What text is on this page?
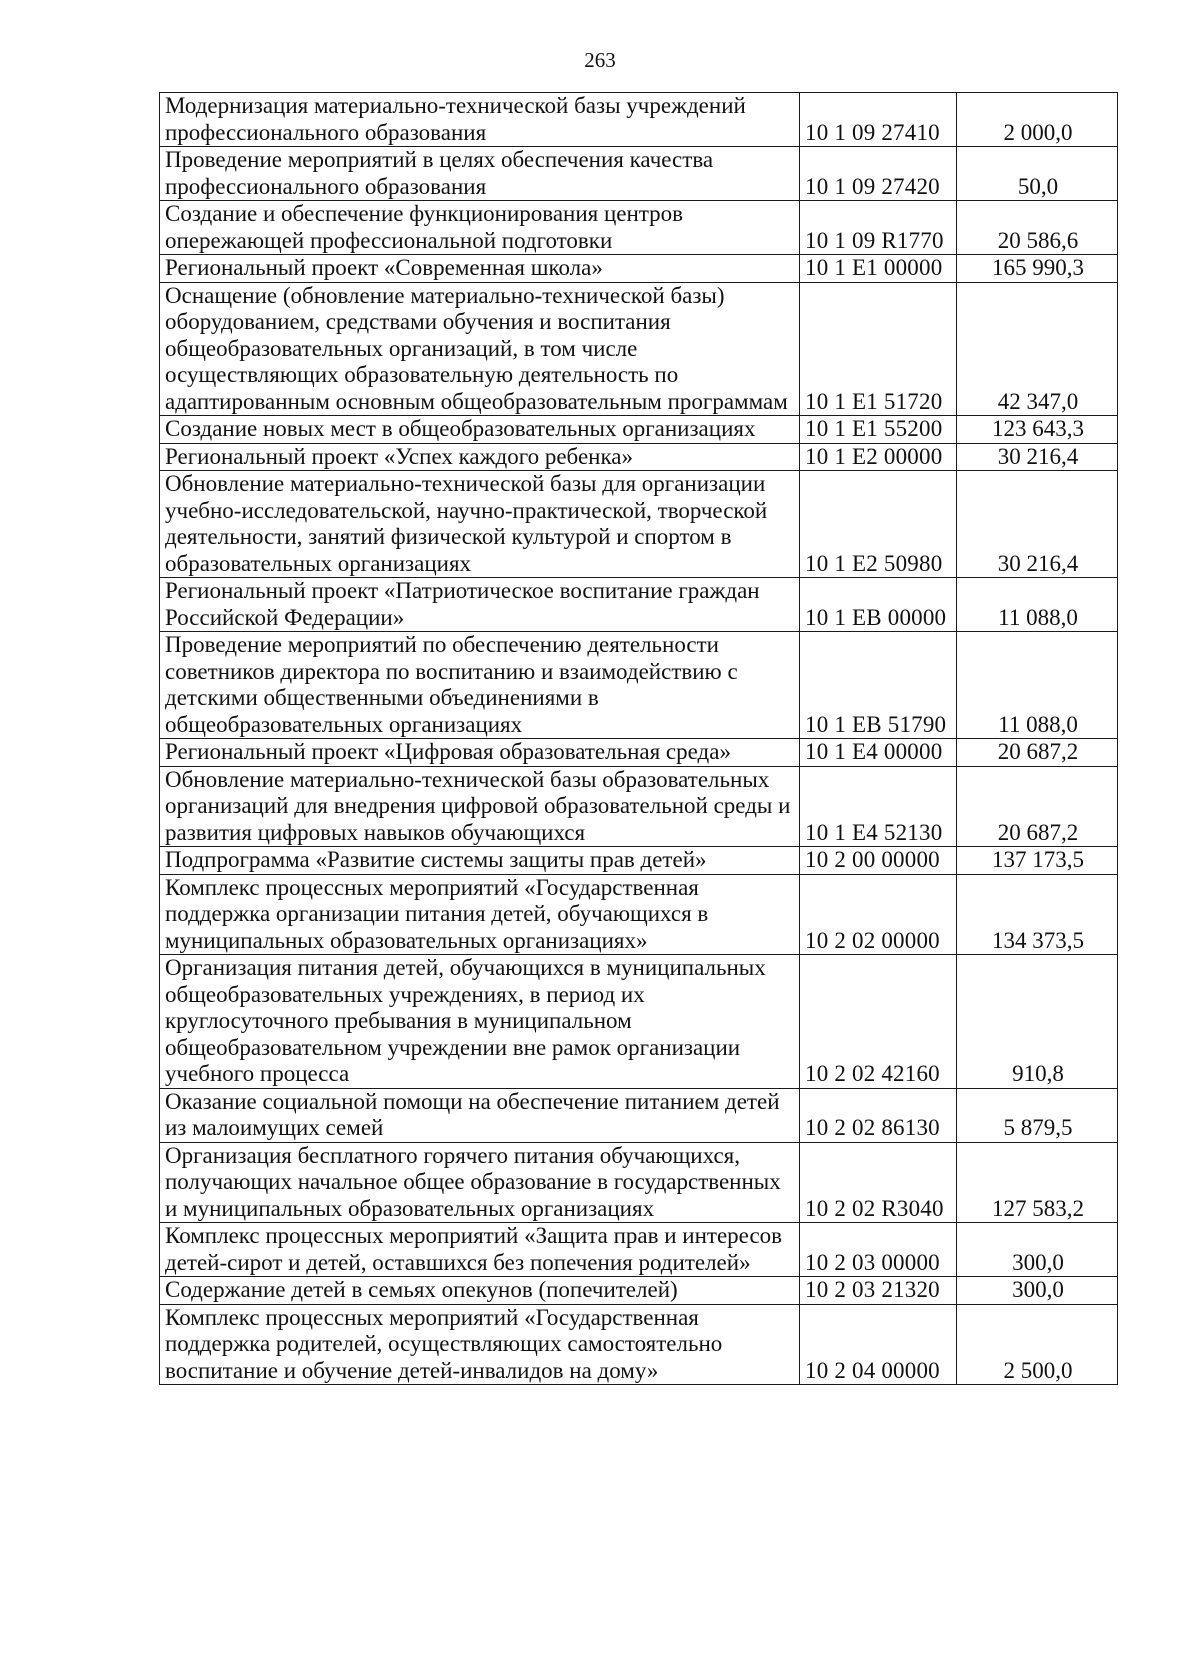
263
Модернизация материально-технической базы учреждений профессионального образования	10 1 09 27410	2 000,0
Проведение мероприятий в целях обеспечения качества профессионального образования	10 1 09 27420	50,0
Создание и обеспечение функционирования центров опережающей профессиональной подготовки	10 1 09 R1770	20 586,6
Региональный проект «Современная школа»	10 1 E1 00000	165 990,3
Оснащение (обновление материально-технической базы) оборудованием, средствами обучения и воспитания общеобразовательных организаций, в том числе осуществляющих образовательную деятельность по адаптированным основным общеобразовательным программам	10 1 E1 51720	42 347,0
Создание новых мест в общеобразовательных организациях	10 1 E1 55200	123 643,3
Региональный проект «Успех каждого ребенка»	10 1 E2 00000	30 216,4
Обновление материально-технической базы для организации учебно-исследовательской, научно-практической, творческой деятельности, занятий физической культурой и спортом в образовательных организациях	10 1 E2 50980	30 216,4
Региональный проект «Патриотическое воспитание граждан Российской Федерации»	10 1 EB 00000	11 088,0
Проведение мероприятий по обеспечению деятельности советников директора по воспитанию и взаимодействию с детскими общественными объединениями в общеобразовательных организациях	10 1 EB 51790	11 088,0
Региональный проект «Цифровая образовательная среда»	10 1 E4 00000	20 687,2
Обновление материально-технической базы образовательных организаций для внедрения цифровой образовательной среды и развития цифровых навыков обучающихся	10 1 E4 52130	20 687,2
Подпрограмма «Развитие системы защиты прав детей»	10 2 00 00000	137 173,5
Комплекс процессных мероприятий «Государственная поддержка организации питания детей, обучающихся в муниципальных образовательных организациях»	10 2 02 00000	134 373,5
Организация питания детей, обучающихся в муниципальных общеобразовательных учреждениях, в период их круглосуточного пребывания в муниципальном общеобразовательном учреждении вне рамок организации учебного процесса	10 2 02 42160	910,8
Оказание социальной помощи на обеспечение питанием детей из малоимущих семей	10 2 02 86130	5 879,5
Организация бесплатного горячего питания обучающихся, получающих начальное общее образование в государственных и муниципальных образовательных организациях	10 2 02 R3040	127 583,2
Комплекс процессных мероприятий «Защита прав и интересов детей-сирот и детей, оставшихся без попечения родителей»	10 2 03 00000	300,0
Содержание детей в семьях опекунов (попечителей)	10 2 03 21320	300,0
Комплекс процессных мероприятий «Государственная поддержка родителей, осуществляющих самостоятельно воспитание и обучение детей-инвалидов на дому»	10 2 04 00000	2 500,0
